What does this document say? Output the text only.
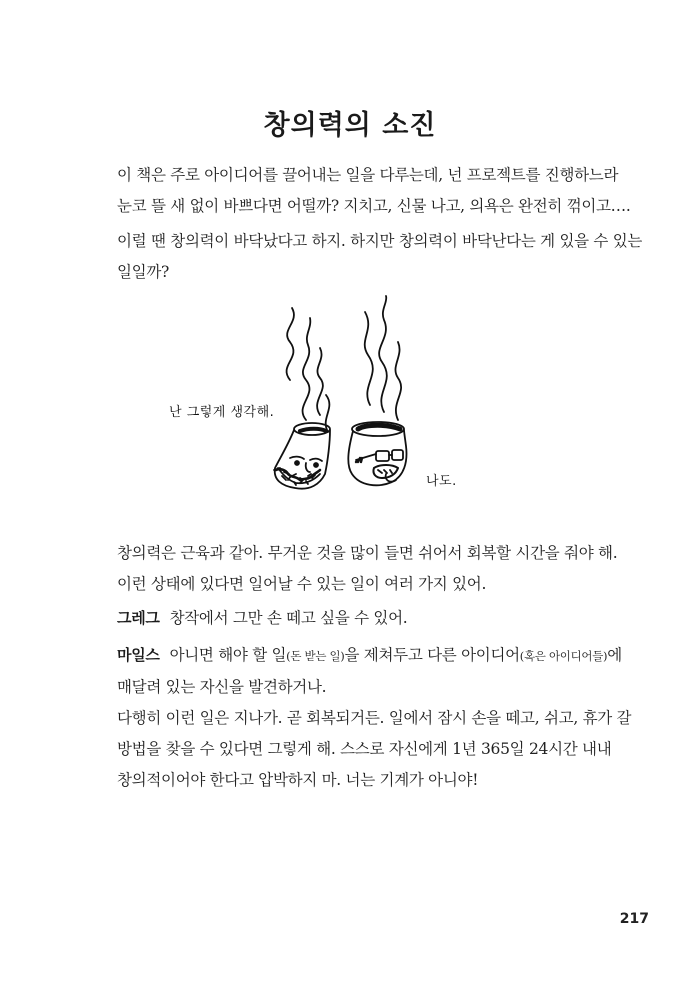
창의력의 소진

이 책은 주로 아이디어를 끌어내는 일을 다루는데, 넌 프로젝트를 진행하느라 눈코 뜰 새 없이 바쁘다면 어떨까? 지치고, 신물 나고, 의욕은 완전히 꺾이고….

이럴 땐 창의력이 바닥났다고 하지. 하지만 창의력이 바닥난다는 게 있을 수 있는 일일까?

난 그렇게 생각해.
나도.

창의력은 근육과 같아. 무거운 것을 많이 들면 쉬어서 회복할 시간을 줘야 해. 이런 상태에 있다면 일어날 수 있는 일이 여러 가지 있어.

그레그 창작에서 그만 손 떼고 싶을 수 있어.

마일스 아니면 해야 할 일(돈 받는 일)을 제쳐두고 다른 아이디어(혹은 아이디어들)에 매달려 있는 자신을 발견하거나.

다행히 이런 일은 지나가. 곧 회복되거든. 일에서 잠시 손을 떼고, 쉬고, 휴가 갈 방법을 찾을 수 있다면 그렇게 해. 스스로 자신에게 1년 365일 24시간 내내 창의적이어야 한다고 압박하지 마. 너는 기계가 아니야!

217
